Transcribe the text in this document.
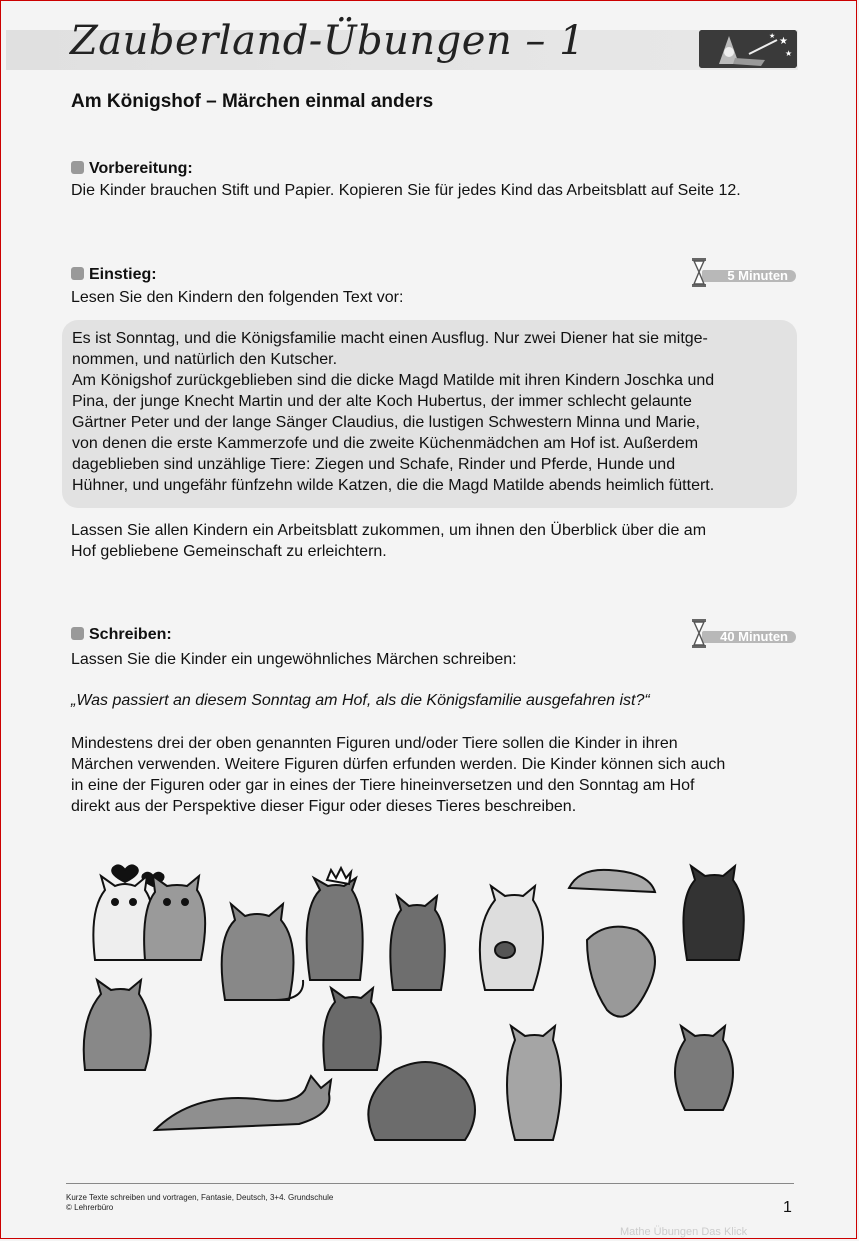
Zauberland-Übungen – 1	★
★
★
Am Königshof – Märchen einmal anders
Vorbereitung:
Die Kinder brauchen Stift und Papier. Kopieren Sie für jedes Kind das Arbeitsblatt auf Seite 12.
Einstieg:	5 Minuten
Lesen Sie den Kindern den folgenden Text vor:
Es ist Sonntag, und die Königsfamilie macht einen Ausflug. Nur zwei Diener hat sie mitge-
nommen, und natürlich den Kutscher.
Am Königshof zurückgeblieben sind die dicke Magd Matilde mit ihren Kindern Joschka und
Pina, der junge Knecht Martin und der alte Koch Hubertus, der immer schlecht gelaunte
Gärtner Peter und der lange Sänger Claudius, die lustigen Schwestern Minna und Marie,
von denen die erste Kammerzofe und die zweite Küchenmädchen am Hof ist. Außerdem
dageblieben sind unzählige Tiere: Ziegen und Schafe, Rinder und Pferde, Hunde und
Hühner, und ungefähr fünfzehn wilde Katzen, die die Magd Matilde abends heimlich füttert.
Lassen Sie allen Kindern ein Arbeitsblatt zukommen, um ihnen den Überblick über die am
Hof gebliebene Gemeinschaft zu erleichtern.
Schreiben:	40 Minuten
Lassen Sie die Kinder ein ungewöhnliches Märchen schreiben:
„Was passiert an diesem Sonntag am Hof, als die Königsfamilie ausgefahren ist?“
Mindestens drei der oben genannten Figuren und/oder Tiere sollen die Kinder in ihren
Märchen verwenden. Weitere Figuren dürfen erfunden werden. Die Kinder können sich auch
in eine der Figuren oder gar in eines der Tiere hineinversetzen und den Sonntag am Hof
direkt aus der Perspektive dieser Figur oder dieses Tieres beschreiben.
Kurze Texte schreiben und vortragen, Fantasie, Deutsch, 3+4. Grundschule
© Lehrerbüro	1
Mathe Übungen Das Klick
